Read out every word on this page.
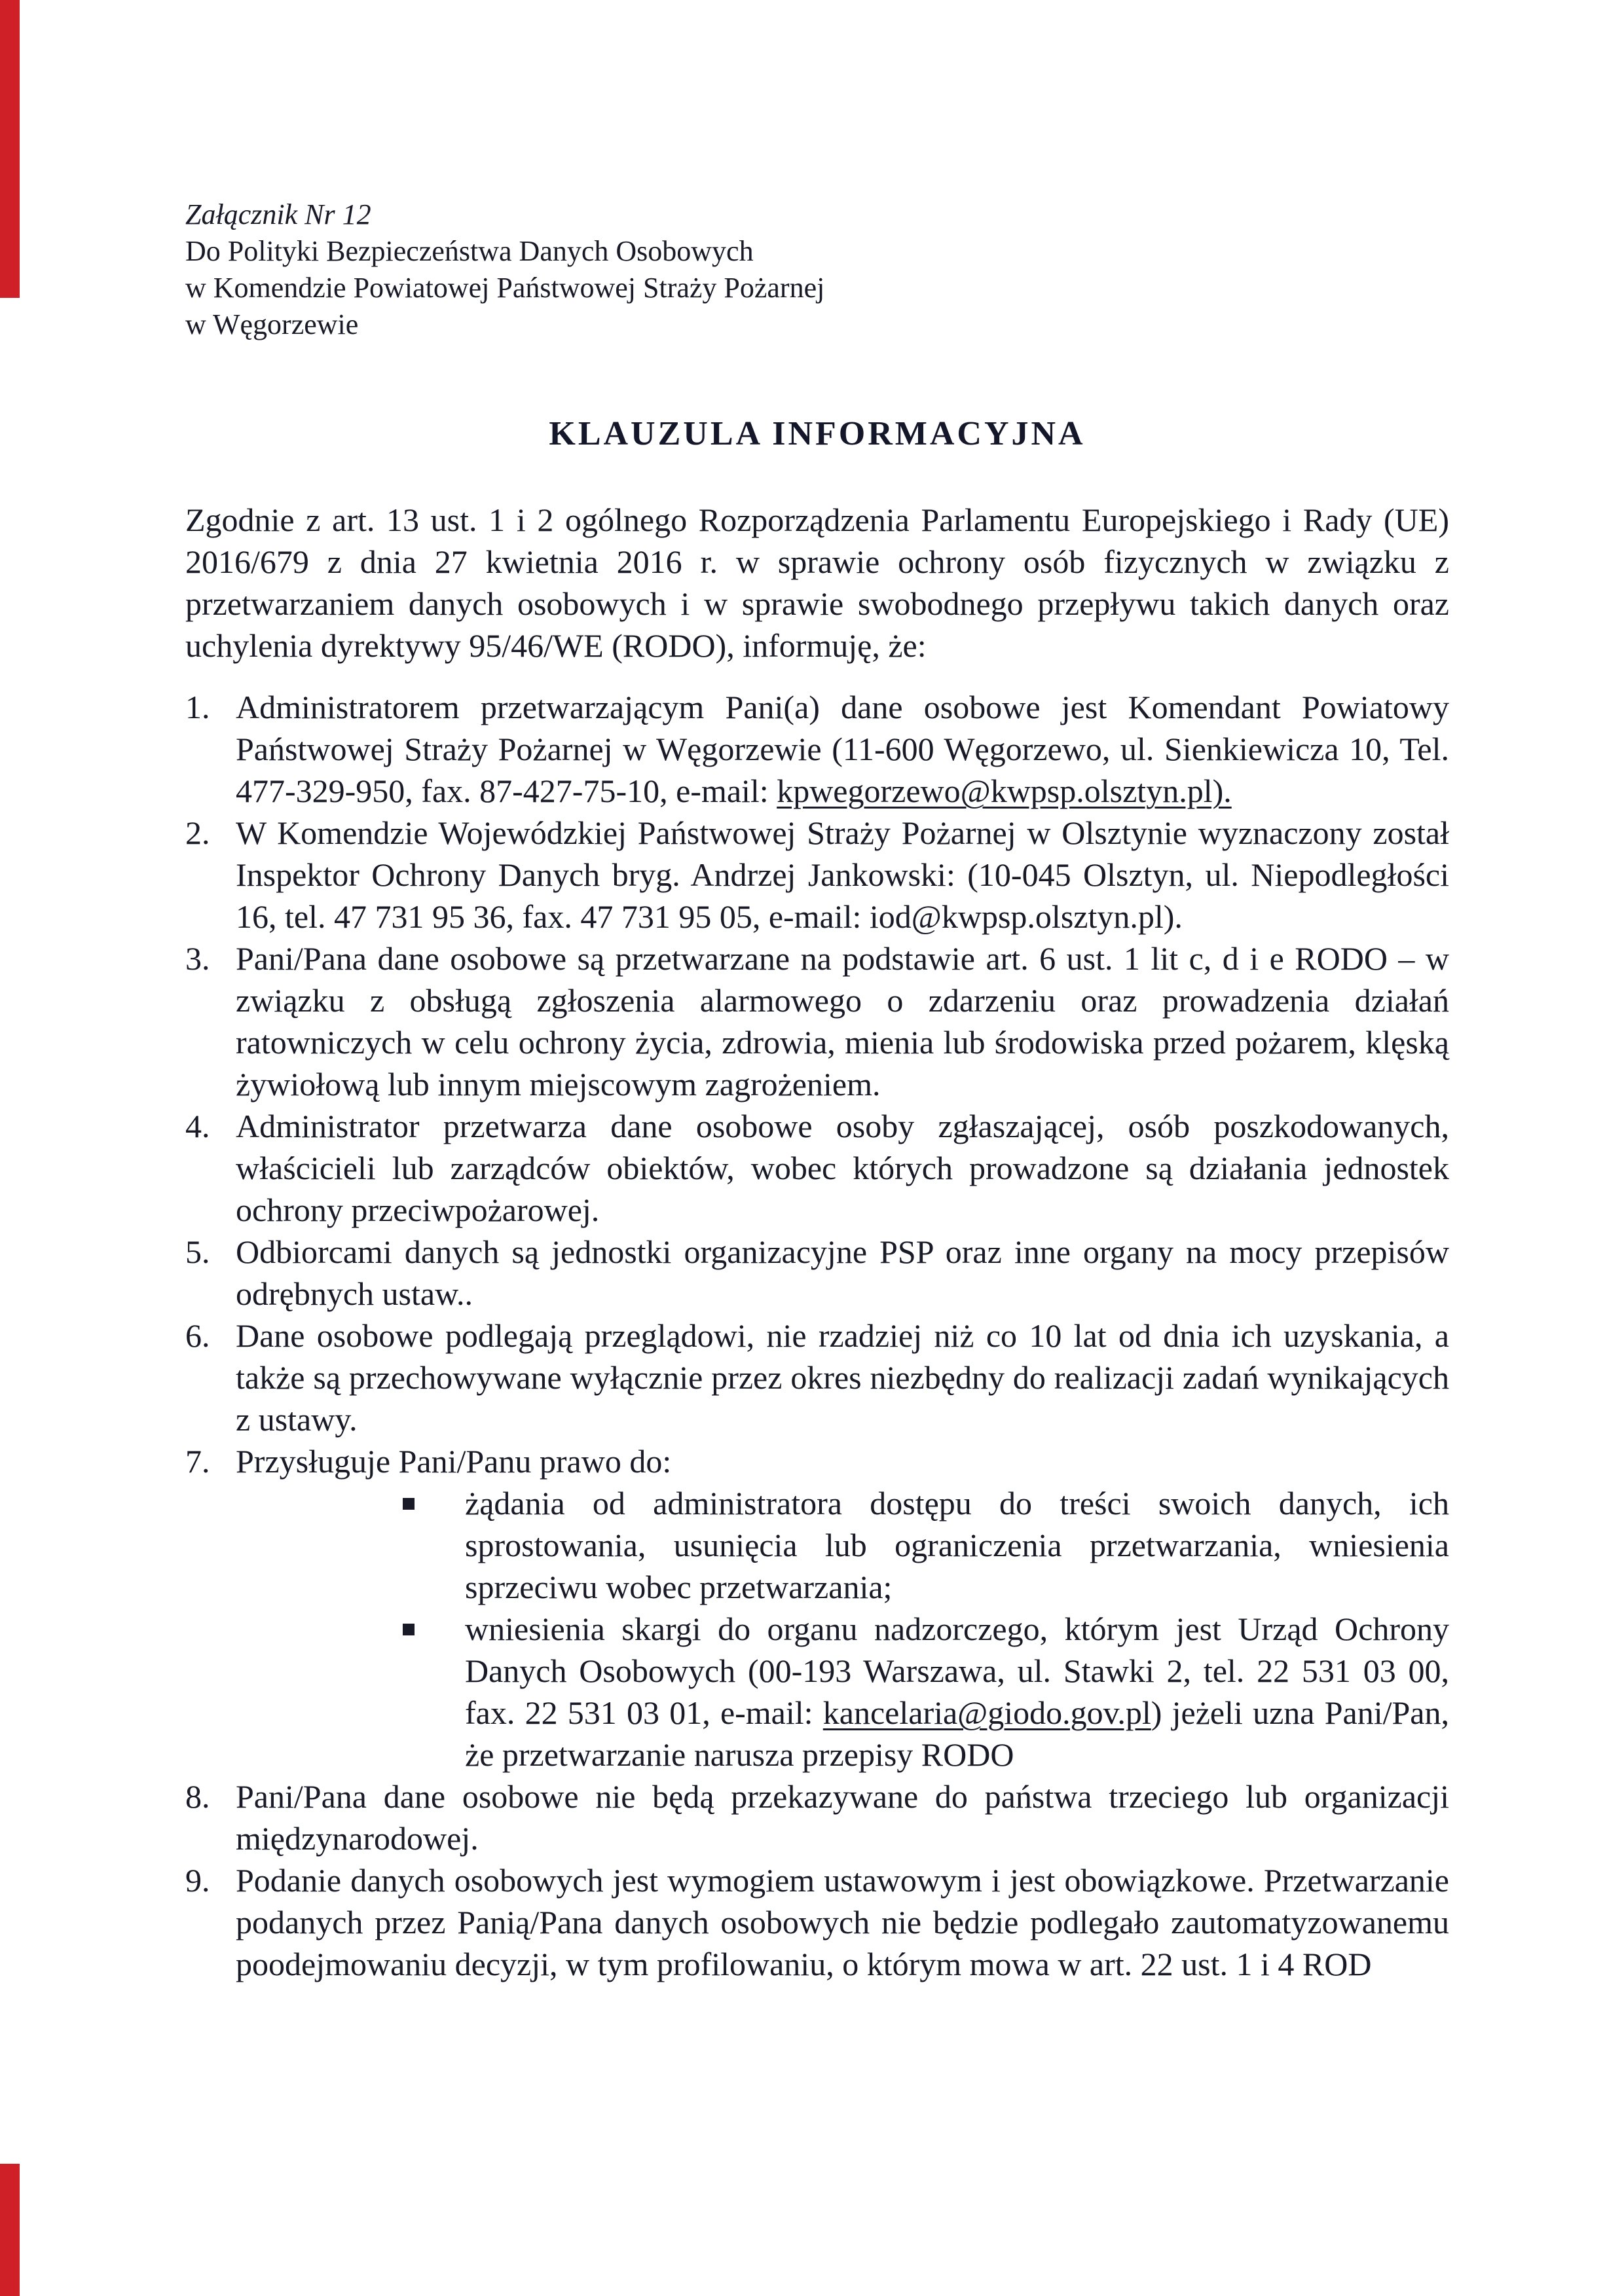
Załącznik Nr 12

Do Polityki Bezpieczeństwa Danych Osobowych

w Komendzie Powiatowej Państwowej Straży Pożarnej

w Węgorzewie

KLAUZULA INFORMACYJNA

Zgodnie z art. 13 ust. 1 i 2 ogólnego Rozporządzenia Parlamentu Europejskiego i Rady (UE) 2016/679 z dnia 27 kwietnia 2016 r. w sprawie ochrony osób fizycznych w związku z przetwarzaniem danych osobowych i w sprawie swobodnego przepływu takich danych oraz uchylenia dyrektywy 95/46/WE (RODO), informuję, że:

1. Administratorem przetwarzającym Pani(a) dane osobowe jest Komendant Powiatowy Państwowej Straży Pożarnej w Węgorzewie (11-600 Węgorzewo, ul. Sienkiewicza 10, Tel. 477-329-950, fax. 87-427-75-10, e-mail: kpwegorzewo@kwpsp.olsztyn.pl).

2. W Komendzie Wojewódzkiej Państwowej Straży Pożarnej w Olsztynie wyznaczony został Inspektor Ochrony Danych bryg. Andrzej Jankowski: (10-045 Olsztyn, ul. Niepodległości 16, tel. 47 731 95 36, fax. 47 731 95 05, e-mail: iod@kwpsp.olsztyn.pl).

3. Pani/Pana dane osobowe są przetwarzane na podstawie art. 6 ust. 1 lit c, d i e RODO – w związku z obsługą zgłoszenia alarmowego o zdarzeniu oraz prowadzenia działań ratowniczych w celu ochrony życia, zdrowia, mienia lub środowiska przed pożarem, klęską żywiołową lub innym miejscowym zagrożeniem.

4. Administrator przetwarza dane osobowe osoby zgłaszającej, osób poszkodowanych, właścicieli lub zarządców obiektów, wobec których prowadzone są działania jednostek ochrony przeciwpożarowej.

5. Odbiorcami danych są jednostki organizacyjne PSP oraz inne organy na mocy przepisów odrębnych ustaw..

6. Dane osobowe podlegają przeglądowi, nie rzadziej niż co 10 lat od dnia ich uzyskania, a także są przechowywane wyłącznie przez okres niezbędny do realizacji zadań wynikających z ustawy.

7. Przysługuje Pani/Panu prawo do:

żądania od administratora dostępu do treści swoich danych, ich sprostowania, usunięcia lub ograniczenia przetwarzania, wniesienia sprzeciwu wobec przetwarzania;
wniesienia skargi do organu nadzorczego, którym jest Urząd Ochrony Danych Osobowych (00-193 Warszawa, ul. Stawki 2, tel. 22 531 03 00, fax. 22 531 03 01, e-mail: kancelaria@giodo.gov.pl) jeżeli uzna Pani/Pan, że przetwarzanie narusza przepisy RODO
8. Pani/Pana dane osobowe nie będą przekazywane do państwa trzeciego lub organizacji międzynarodowej.

9. Podanie danych osobowych jest wymogiem ustawowym i jest obowiązkowe. Przetwarzanie podanych przez Panią/Pana danych osobowych nie będzie podlegało zautomatyzowanemu poodejmowaniu decyzji, w tym profilowaniu, o którym mowa w art. 22 ust. 1 i 4 ROD
